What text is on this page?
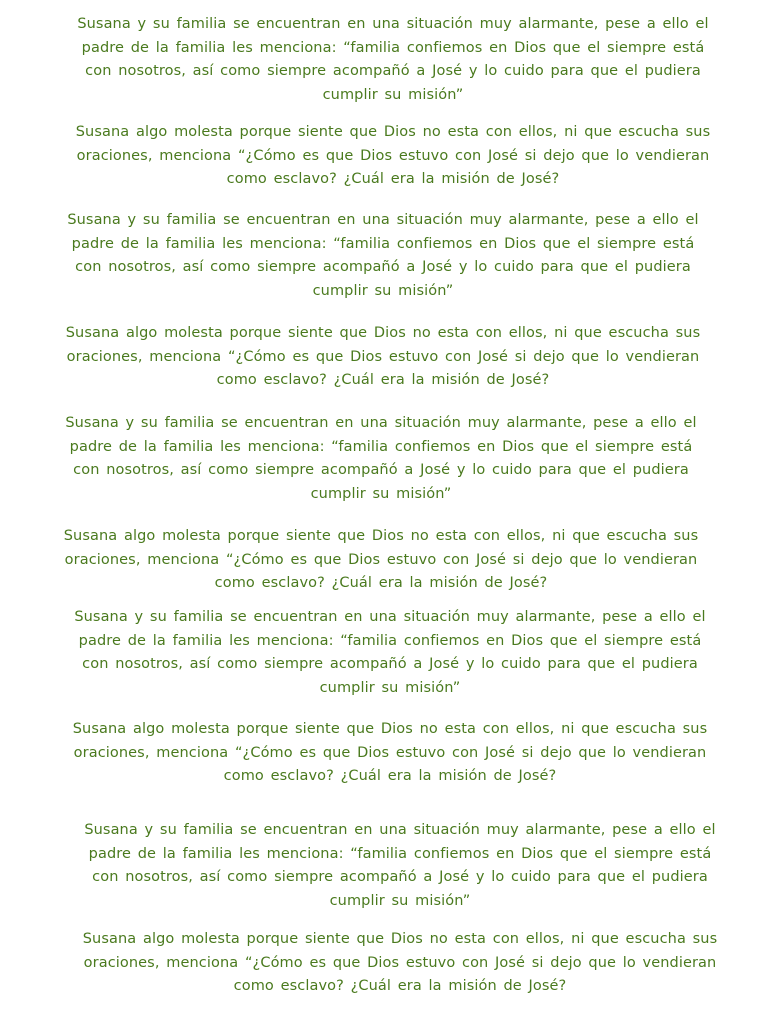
Susana y su familia se encuentran en una situación muy alarmante, pese a ello el
padre de la familia les menciona: “familia confiemos en Dios que el siempre está
con nosotros, así como siempre acompañó a José y lo cuido para que el pudiera
cumplir su misión”
Susana algo molesta porque siente que Dios no esta con ellos, ni que escucha sus
oraciones, menciona “¿Cómo es que Dios estuvo con José si dejo que lo vendieran
como esclavo? ¿Cuál era la misión de José?
Susana y su familia se encuentran en una situación muy alarmante, pese a ello el
padre de la familia les menciona: “familia confiemos en Dios que el siempre está
con nosotros, así como siempre acompañó a José y lo cuido para que el pudiera
cumplir su misión”
Susana algo molesta porque siente que Dios no esta con ellos, ni que escucha sus
oraciones, menciona “¿Cómo es que Dios estuvo con José si dejo que lo vendieran
como esclavo? ¿Cuál era la misión de José?
Susana y su familia se encuentran en una situación muy alarmante, pese a ello el
padre de la familia les menciona: “familia confiemos en Dios que el siempre está
con nosotros, así como siempre acompañó a José y lo cuido para que el pudiera
cumplir su misión”
Susana algo molesta porque siente que Dios no esta con ellos, ni que escucha sus
oraciones, menciona “¿Cómo es que Dios estuvo con José si dejo que lo vendieran
como esclavo? ¿Cuál era la misión de José?
Susana y su familia se encuentran en una situación muy alarmante, pese a ello el
padre de la familia les menciona: “familia confiemos en Dios que el siempre está
con nosotros, así como siempre acompañó a José y lo cuido para que el pudiera
cumplir su misión”
Susana algo molesta porque siente que Dios no esta con ellos, ni que escucha sus
oraciones, menciona “¿Cómo es que Dios estuvo con José si dejo que lo vendieran
como esclavo? ¿Cuál era la misión de José?
Susana y su familia se encuentran en una situación muy alarmante, pese a ello el
padre de la familia les menciona: “familia confiemos en Dios que el siempre está
con nosotros, así como siempre acompañó a José y lo cuido para que el pudiera
cumplir su misión”
Susana algo molesta porque siente que Dios no esta con ellos, ni que escucha sus
oraciones, menciona “¿Cómo es que Dios estuvo con José si dejo que lo vendieran
como esclavo? ¿Cuál era la misión de José?
